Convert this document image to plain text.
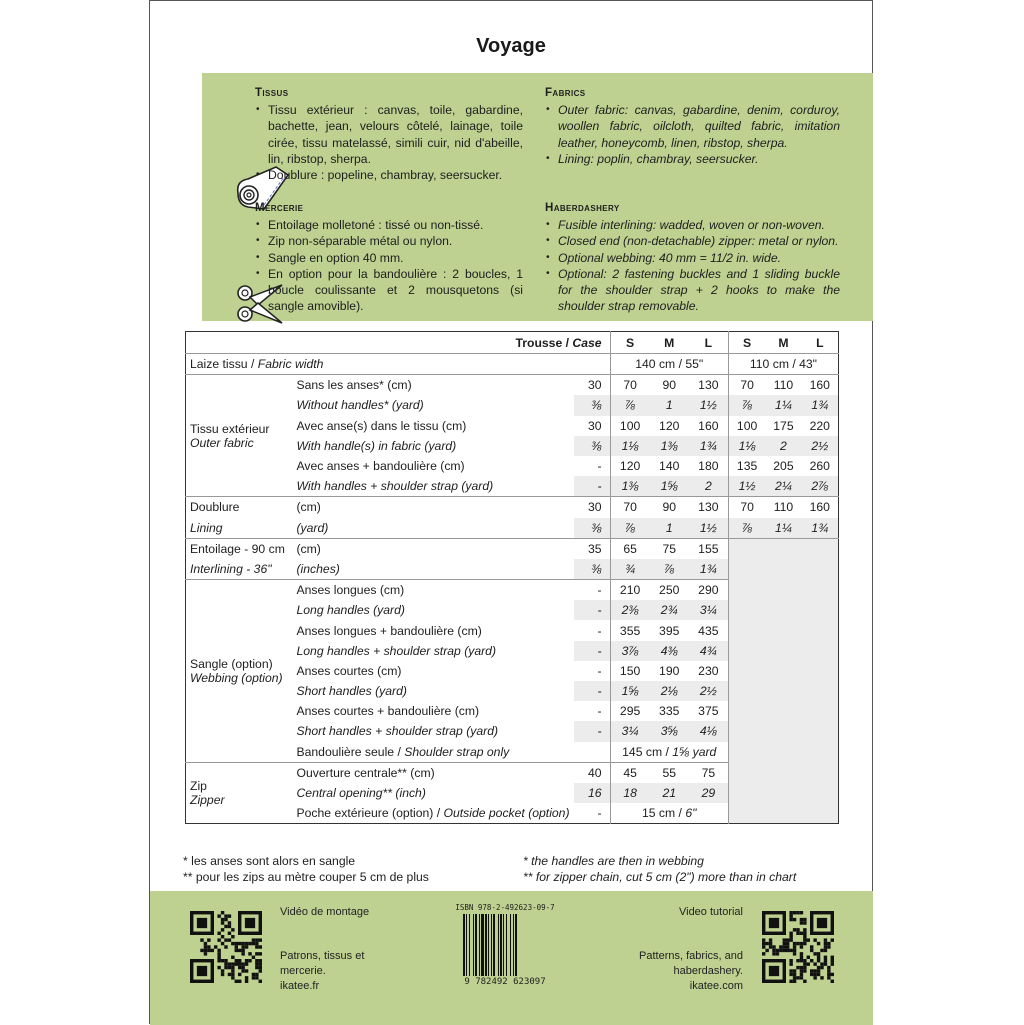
Voyage
Tissus
• Tissu extérieur : canvas, toile, gabardine, bachette, jean, velours côtelé, lainage, toile cirée, tissu matelassé, simili cuir, nid d'abeille, lin, ribstop, sherpa.
• Doublure : popeline, chambray, seersucker.
Fabrics
• Outer fabric: canvas, gabardine, denim, corduroy, woollen fabric, oilcloth, quilted fabric, imitation leather, honeycomb, linen, ribstop, sherpa.
• Lining: poplin, chambray, seersucker.
Mercerie
• Entoilage molletoné : tissé ou non-tissé.
• Zip non-séparable métal ou nylon.
• Sangle en option 40 mm.
• En option pour la bandoulière : 2 boucles, 1 boucle coulissante et 2 mousquetons (si sangle amovible).
Haberdashery
• Fusible interlining: wadded, woven or non-woven.
• Closed end (non-detachable) zipper: metal or nylon.
• Optional webbing: 40 mm = 11/2 in. wide.
• Optional: 2 fastening buckles and 1 sliding buckle for the shoulder strap + 2 hooks to make the shoulder strap removable.
Trousse / Case			S	M	L	S	M	L
Laize tissu / Fabric width			140 cm / 55"			110 cm / 43"		

Tissu extérieur
Outer fabric	Sans les anses* (cm)	30	70	90	130	70	110	160
	Without handles* (yard)	⅜	⅞	1	1½	⅞	1¼	1¾
	Avec anse(s) dans le tissu (cm)	30	100	120	160	100	175	220
	With handle(s) in fabric (yard)	⅜	1⅛	1⅜	1¾	1⅛	2	2½
	Avec anses + bandoulière (cm)	-	120	140	180	135	205	260
	With handles + shoulder strap (yard)	-	1⅜	1⅝	2	1½	2¼	2⅞
Doublure	(cm)	30	70	90	130	70	110	160
Lining	(yard)	⅜	⅞	1	1½	⅞	1¼	1¾
Entoilage - 90 cm	(cm)	35	65	75	155			
Interlining - 36"	(inches)	⅜	¾	⅞	1¾			

Sangle (option)
Webbing (option)	Anses longues (cm)	-	210	250	290			
	Long handles (yard)	-	2⅜	2¾	3¼			
	Anses longues + bandoulière (cm)	-	355	395	435			
	Long handles + shoulder strap (yard)	-	3⅞	4⅜	4¾			
	Anses courtes (cm)	-	150	190	230			
	Short handles (yard)	-	1⅝	2⅛	2½			
	Anses courtes + bandoulière (cm)	-	295	335	375			
	Short handles + shoulder strap (yard)	-	3¼	3⅝	4⅛			
	Bandoulière seule / Shoulder strap only		145 cm / 1⅝ yard					

Zip
Zipper	Ouverture centrale** (cm)	40	45	55	75			
	Central opening** (inch)	16	18	21	29			
	Poche extérieure (option) / Outside pocket (option)	-	15 cm / 6"					
* les anses sont alors en sangle
** pour les zips au mètre couper 5 cm de plus
* the handles are then in webbing
** for zipper chain, cut 5 cm (2") more than in chart
Vidéo de montage
Patrons, tissus et
mercerie.
ikatee.fr
ISBN 978-2-492623-09-7
9 782492 623097
Video tutorial
Patterns, fabrics, and
haberdashery.
ikatee.com
